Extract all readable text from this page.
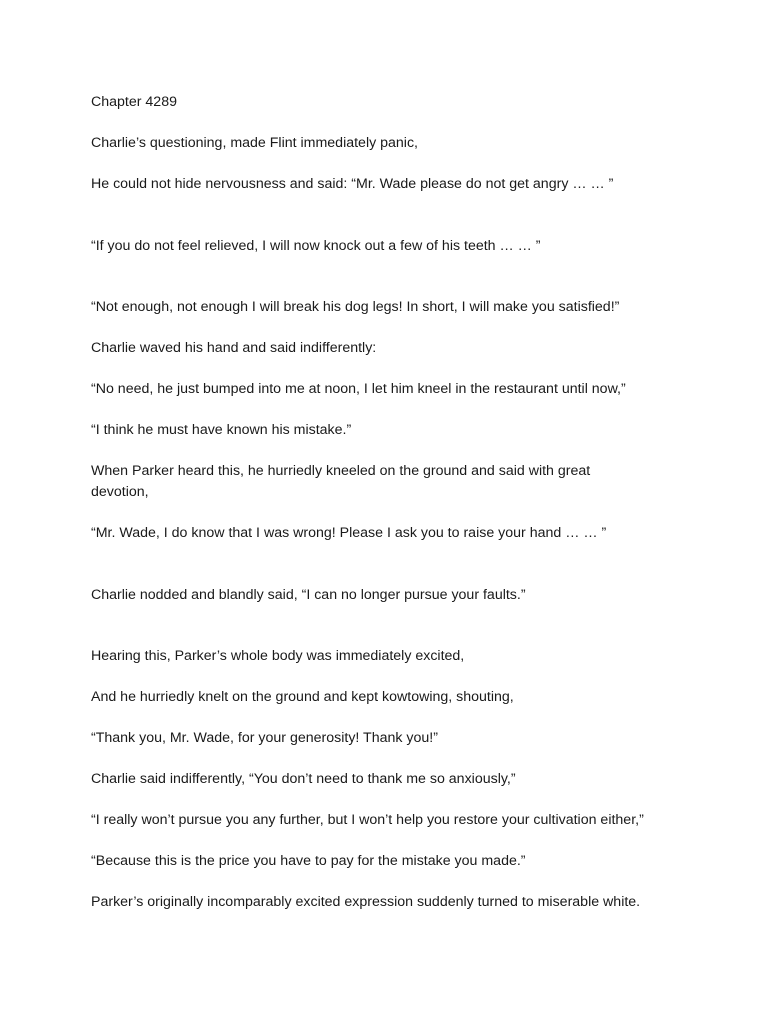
Chapter 4289

Charlie’s questioning, made Flint immediately panic,

He could not hide nervousness and said: “Mr. Wade please do not get angry … … ”

“If you do not feel relieved, I will now knock out a few of his teeth … … ”

“Not enough, not enough I will break his dog legs! In short, I will make you satisfied!”

Charlie waved his hand and said indifferently:

“No need, he just bumped into me at noon, I let him kneel in the restaurant until now,”

“I think he must have known his mistake.”

When Parker heard this, he hurriedly kneeled on the ground and said with great devotion,

“Mr. Wade, I do know that I was wrong! Please I ask you to raise your hand … … ”

Charlie nodded and blandly said, “I can no longer pursue your faults.”

Hearing this, Parker’s whole body was immediately excited,

And he hurriedly knelt on the ground and kept kowtowing, shouting,

“Thank you, Mr. Wade, for your generosity! Thank you!”

Charlie said indifferently, “You don’t need to thank me so anxiously,”

“I really won’t pursue you any further, but I won’t help you restore your cultivation either,”

“Because this is the price you have to pay for the mistake you made.”

Parker’s originally incomparably excited expression suddenly turned to miserable white.
